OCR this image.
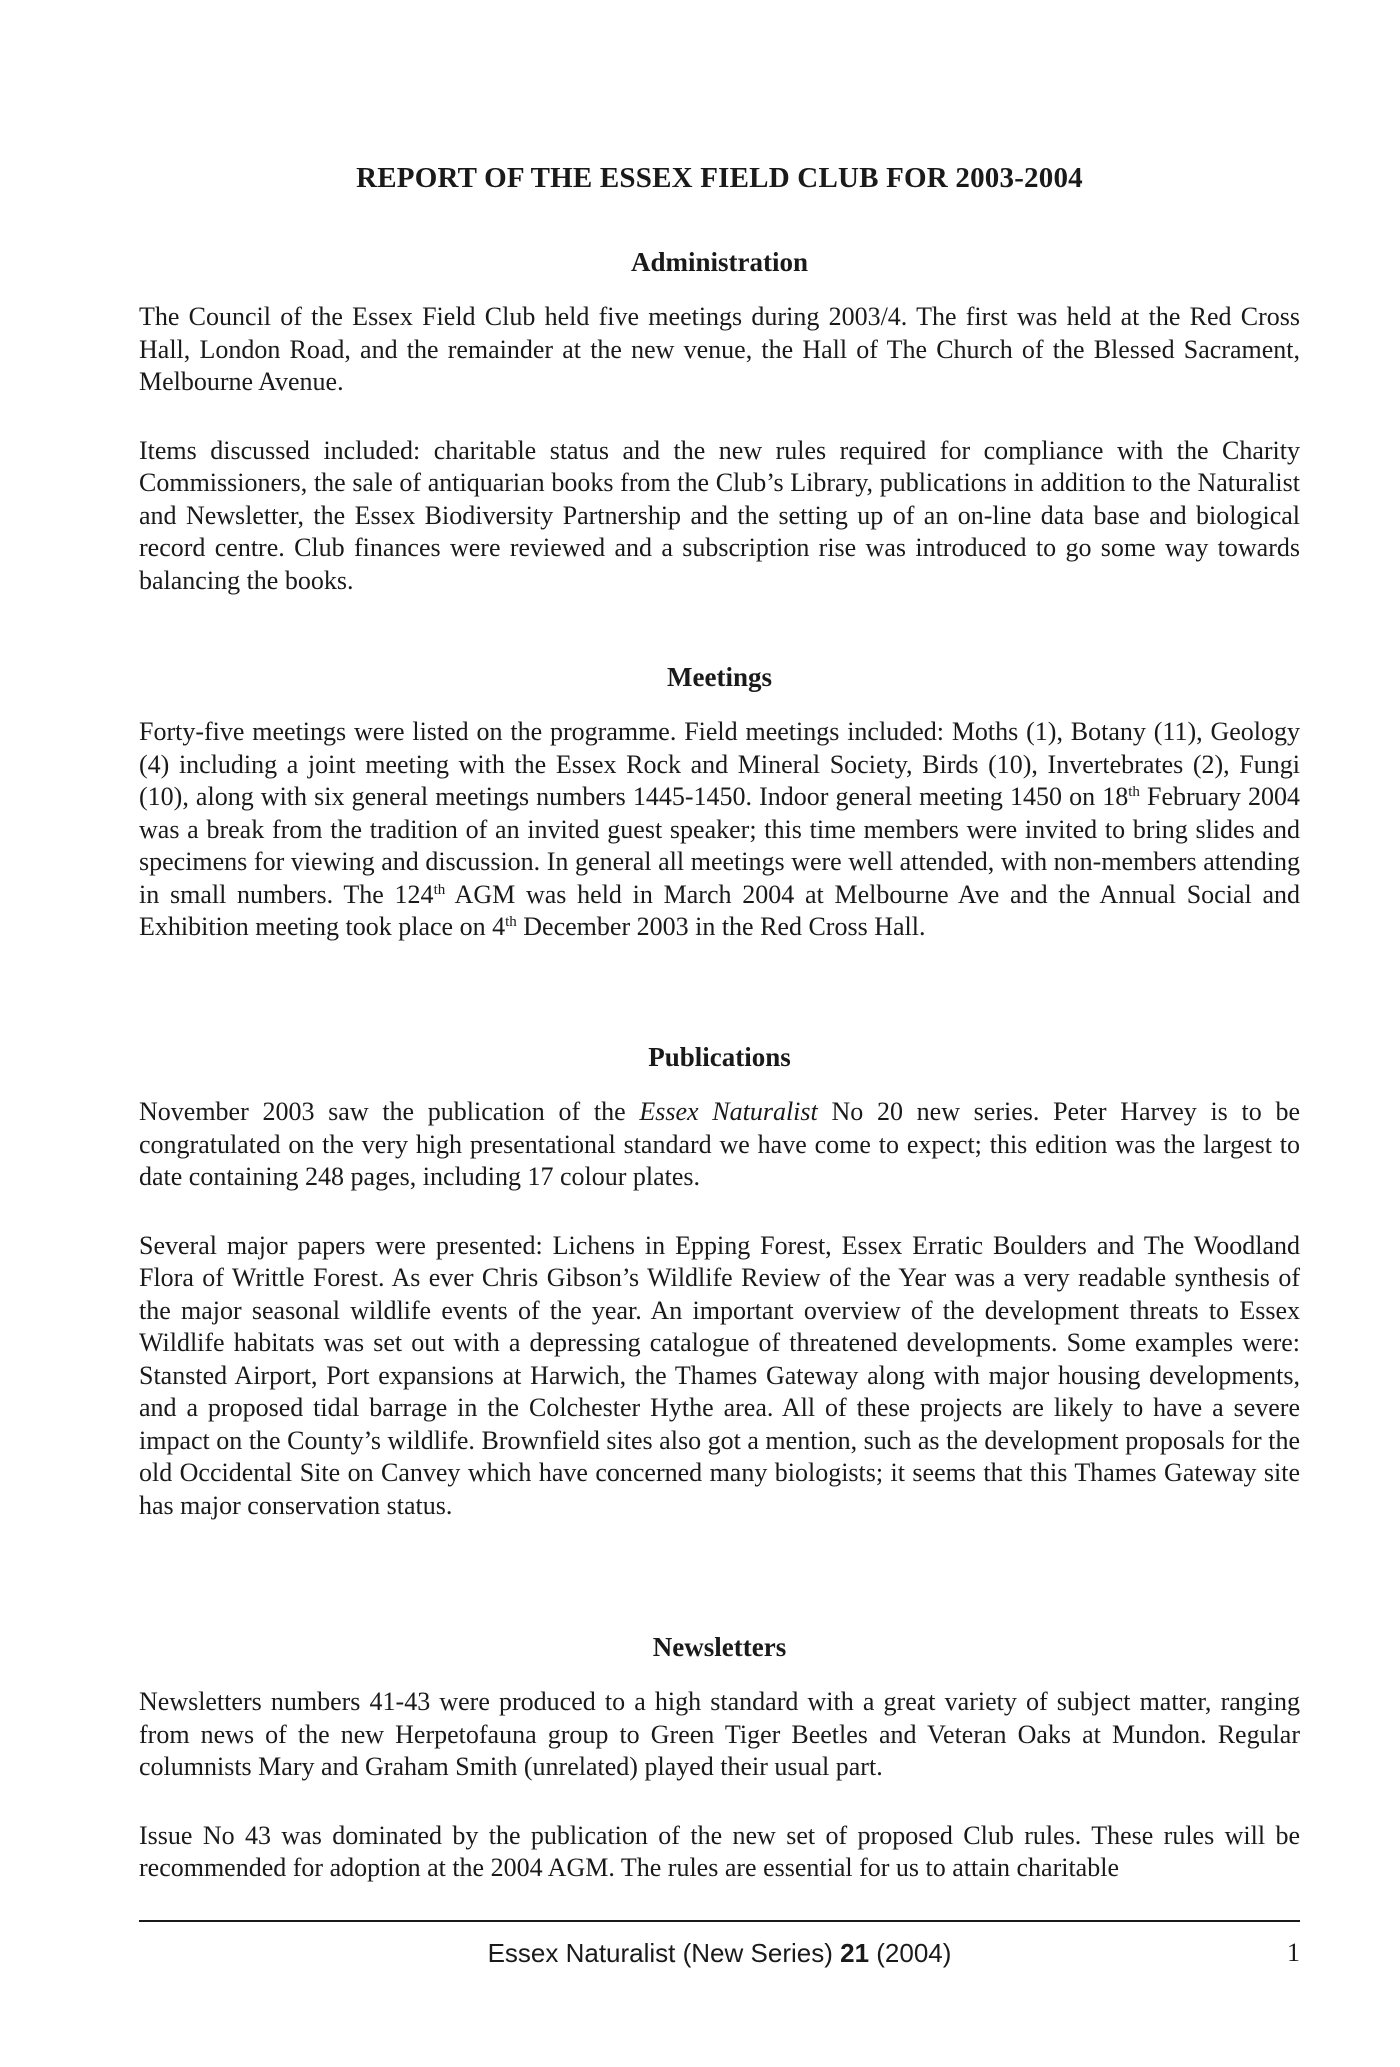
REPORT OF THE ESSEX FIELD CLUB FOR 2003-2004
Administration

The Council of the Essex Field Club held five meetings during 2003/4. The first was held at the Red Cross Hall, London Road, and the remainder at the new venue, the Hall of The Church of the Blessed Sacrament, Melbourne Avenue.

Items discussed included: charitable status and the new rules required for compliance with the Charity Commissioners, the sale of antiquarian books from the Club’s Library, publications in addition to the Naturalist and Newsletter, the Essex Biodiversity Partnership and the setting up of an on-line data base and biological record centre. Club finances were reviewed and a subscription rise was introduced to go some way towards balancing the books.

Meetings

Forty-five meetings were listed on the programme. Field meetings included: Moths (1), Botany (11), Geology (4) including a joint meeting with the Essex Rock and Mineral Society, Birds (10), Invertebrates (2), Fungi (10), along with six general meetings numbers 1445-1450. Indoor general meeting 1450 on 18th February 2004 was a break from the tradition of an invited guest speaker; this time members were invited to bring slides and specimens for viewing and discussion. In general all meetings were well attended, with non-members attending in small numbers. The 124th AGM was held in March 2004 at Melbourne Ave and the Annual Social and Exhibition meeting took place on 4th December 2003 in the Red Cross Hall.

Publications

November 2003 saw the publication of the Essex Naturalist No 20 new series. Peter Harvey is to be congratulated on the very high presentational standard we have come to expect; this edition was the largest to date containing 248 pages, including 17 colour plates.

Several major papers were presented: Lichens in Epping Forest, Essex Erratic Boulders and The Woodland Flora of Writtle Forest. As ever Chris Gibson’s Wildlife Review of the Year was a very readable synthesis of the major seasonal wildlife events of the year. An important overview of the development threats to Essex Wildlife habitats was set out with a depressing catalogue of threatened developments. Some examples were: Stansted Airport, Port expansions at Harwich, the Thames Gateway along with major housing developments, and a proposed tidal barrage in the Colchester Hythe area. All of these projects are likely to have a severe impact on the County’s wildlife. Brownfield sites also got a mention, such as the development proposals for the old Occidental Site on Canvey which have concerned many biologists; it seems that this Thames Gateway site has major conservation status.

Newsletters

Newsletters numbers 41-43 were produced to a high standard with a great variety of subject matter, ranging from news of the new Herpetofauna group to Green Tiger Beetles and Veteran Oaks at Mundon. Regular columnists Mary and Graham Smith (unrelated) played their usual part.

Issue No 43 was dominated by the publication of the new set of proposed Club rules. These rules will be recommended for adoption at the 2004 AGM. The rules are essential for us to attain charitable

Essex Naturalist (New Series) 21 (2004)	1
